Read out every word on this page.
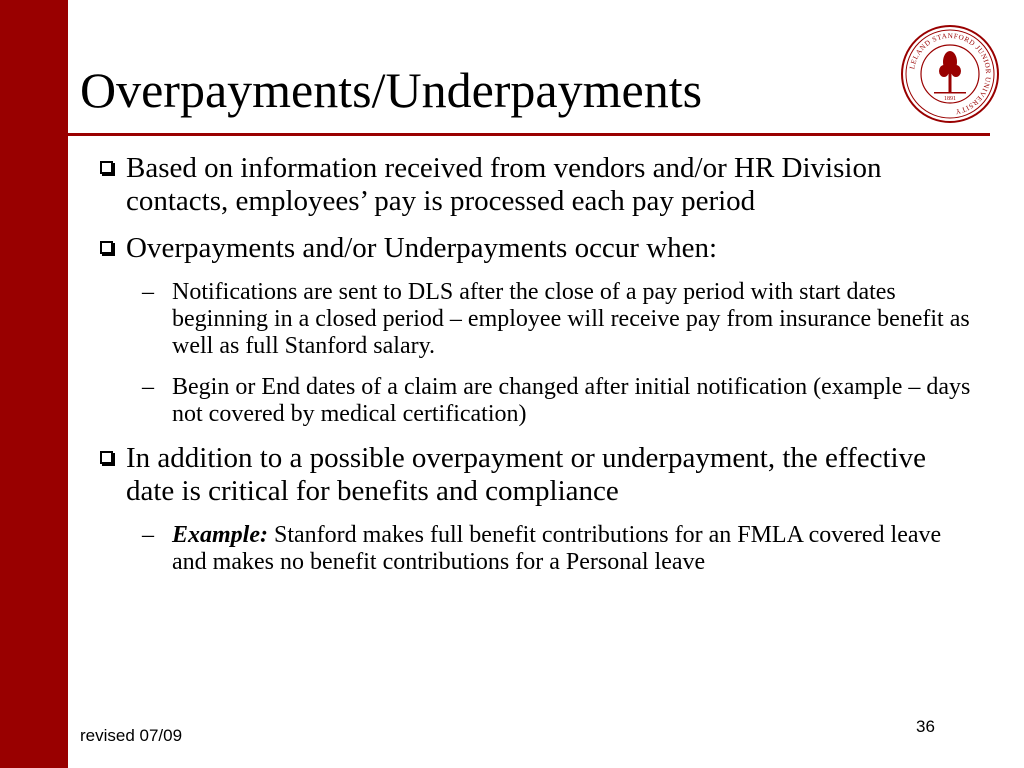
Overpayments/Underpayments	LELAND STANFORD JUNIOR UNIVERSITY
1891
Based on information received from vendors and/or HR Division contacts, employees’ pay is processed each pay period
Overpayments and/or Underpayments occur when:
– Notifications are sent to DLS after the close of a pay period with start dates beginning in a closed period – employee will receive pay from insurance benefit as well as full Stanford salary.
– Begin or End dates of a claim are changed after initial notification (example – days not covered by medical certification)
In addition to a possible overpayment or underpayment, the effective date is critical for benefits and compliance
– Example: Stanford makes full benefit contributions for an FMLA covered leave and makes no benefit contributions for a Personal leave
revised 07/09	36
